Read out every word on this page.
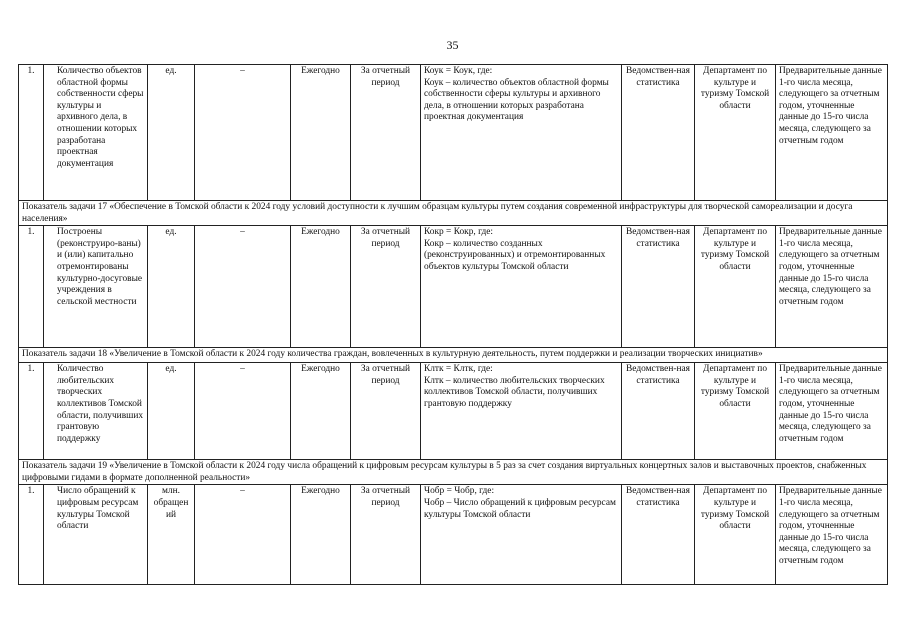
35
1.	Количество объектов областной формы собственности сферы культуры и архивного дела, в отношении которых разработана проектная документация	ед.	–	Ежегодно	За отчетный период	Коук = Коук, где:
Коук – количество объектов областной формы собственности сферы культуры и архивного дела, в отношении которых разработана проектная документация	Ведомствен-ная статистика	Департамент по культуре и туризму Томской области	Предварительные данные 1-го числа месяца, следующего за отчетным годом, уточненные данные до 15-го числа месяца, следующего за отчетным годом
Показатель задачи 17 «Обеспечение в Томской области к 2024 году условий доступности к лучшим образцам культуры путем создания современной инфраструктуры для творческой самореализации и досуга населения»									
1.	Построены (реконструиро-ваны) и (или) капитально отремонтированы культурно-досуговые учреждения в сельской местности	ед.	–	Ежегодно	За отчетный период	Кокр = Кокр, где:
Кокр – количество созданных (реконструированных) и отремонтированных объектов культуры Томской области	Ведомствен-ная статистика	Департамент по культуре и туризму Томской области	Предварительные данные 1-го числа месяца, следующего за отчетным годом, уточненные данные до 15-го числа месяца, следующего за отчетным годом
Показатель задачи 18 «Увеличение в Томской области к 2024 году количества граждан, вовлеченных в культурную деятельность, путем поддержки и реализации творческих инициатив»									
1.	Количество любительских творческих коллективов Томской области, получивших грантовую поддержку	ед.	–	Ежегодно	За отчетный период	Клтк = Клтк, где:
Клтк – количество любительских творческих коллективов Томской области, получивших грантовую поддержку	Ведомствен-ная статистика	Департамент по культуре и туризму Томской области	Предварительные данные 1-го числа месяца, следующего за отчетным годом, уточненные данные до 15-го числа месяца, следующего за отчетным годом
Показатель задачи 19 «Увеличение в Томской области к 2024 году числа обращений к цифровым ресурсам культуры в 5 раз за счет создания виртуальных концертных залов и выставочных проектов, снабженных цифровыми гидами в формате дополненной реальности»									
1.	Число обращений к цифровым ресурсам культуры Томской области	млн. обращен ий	–	Ежегодно	За отчетный период	Чобр = Чобр, где:
Чобр – Число обращений к цифровым ресурсам культуры Томской области	Ведомствен-ная статистика	Департамент по культуре и туризму Томской области	Предварительные данные 1-го числа месяца, следующего за отчетным годом, уточненные данные до 15-го числа месяца, следующего за отчетным годом
